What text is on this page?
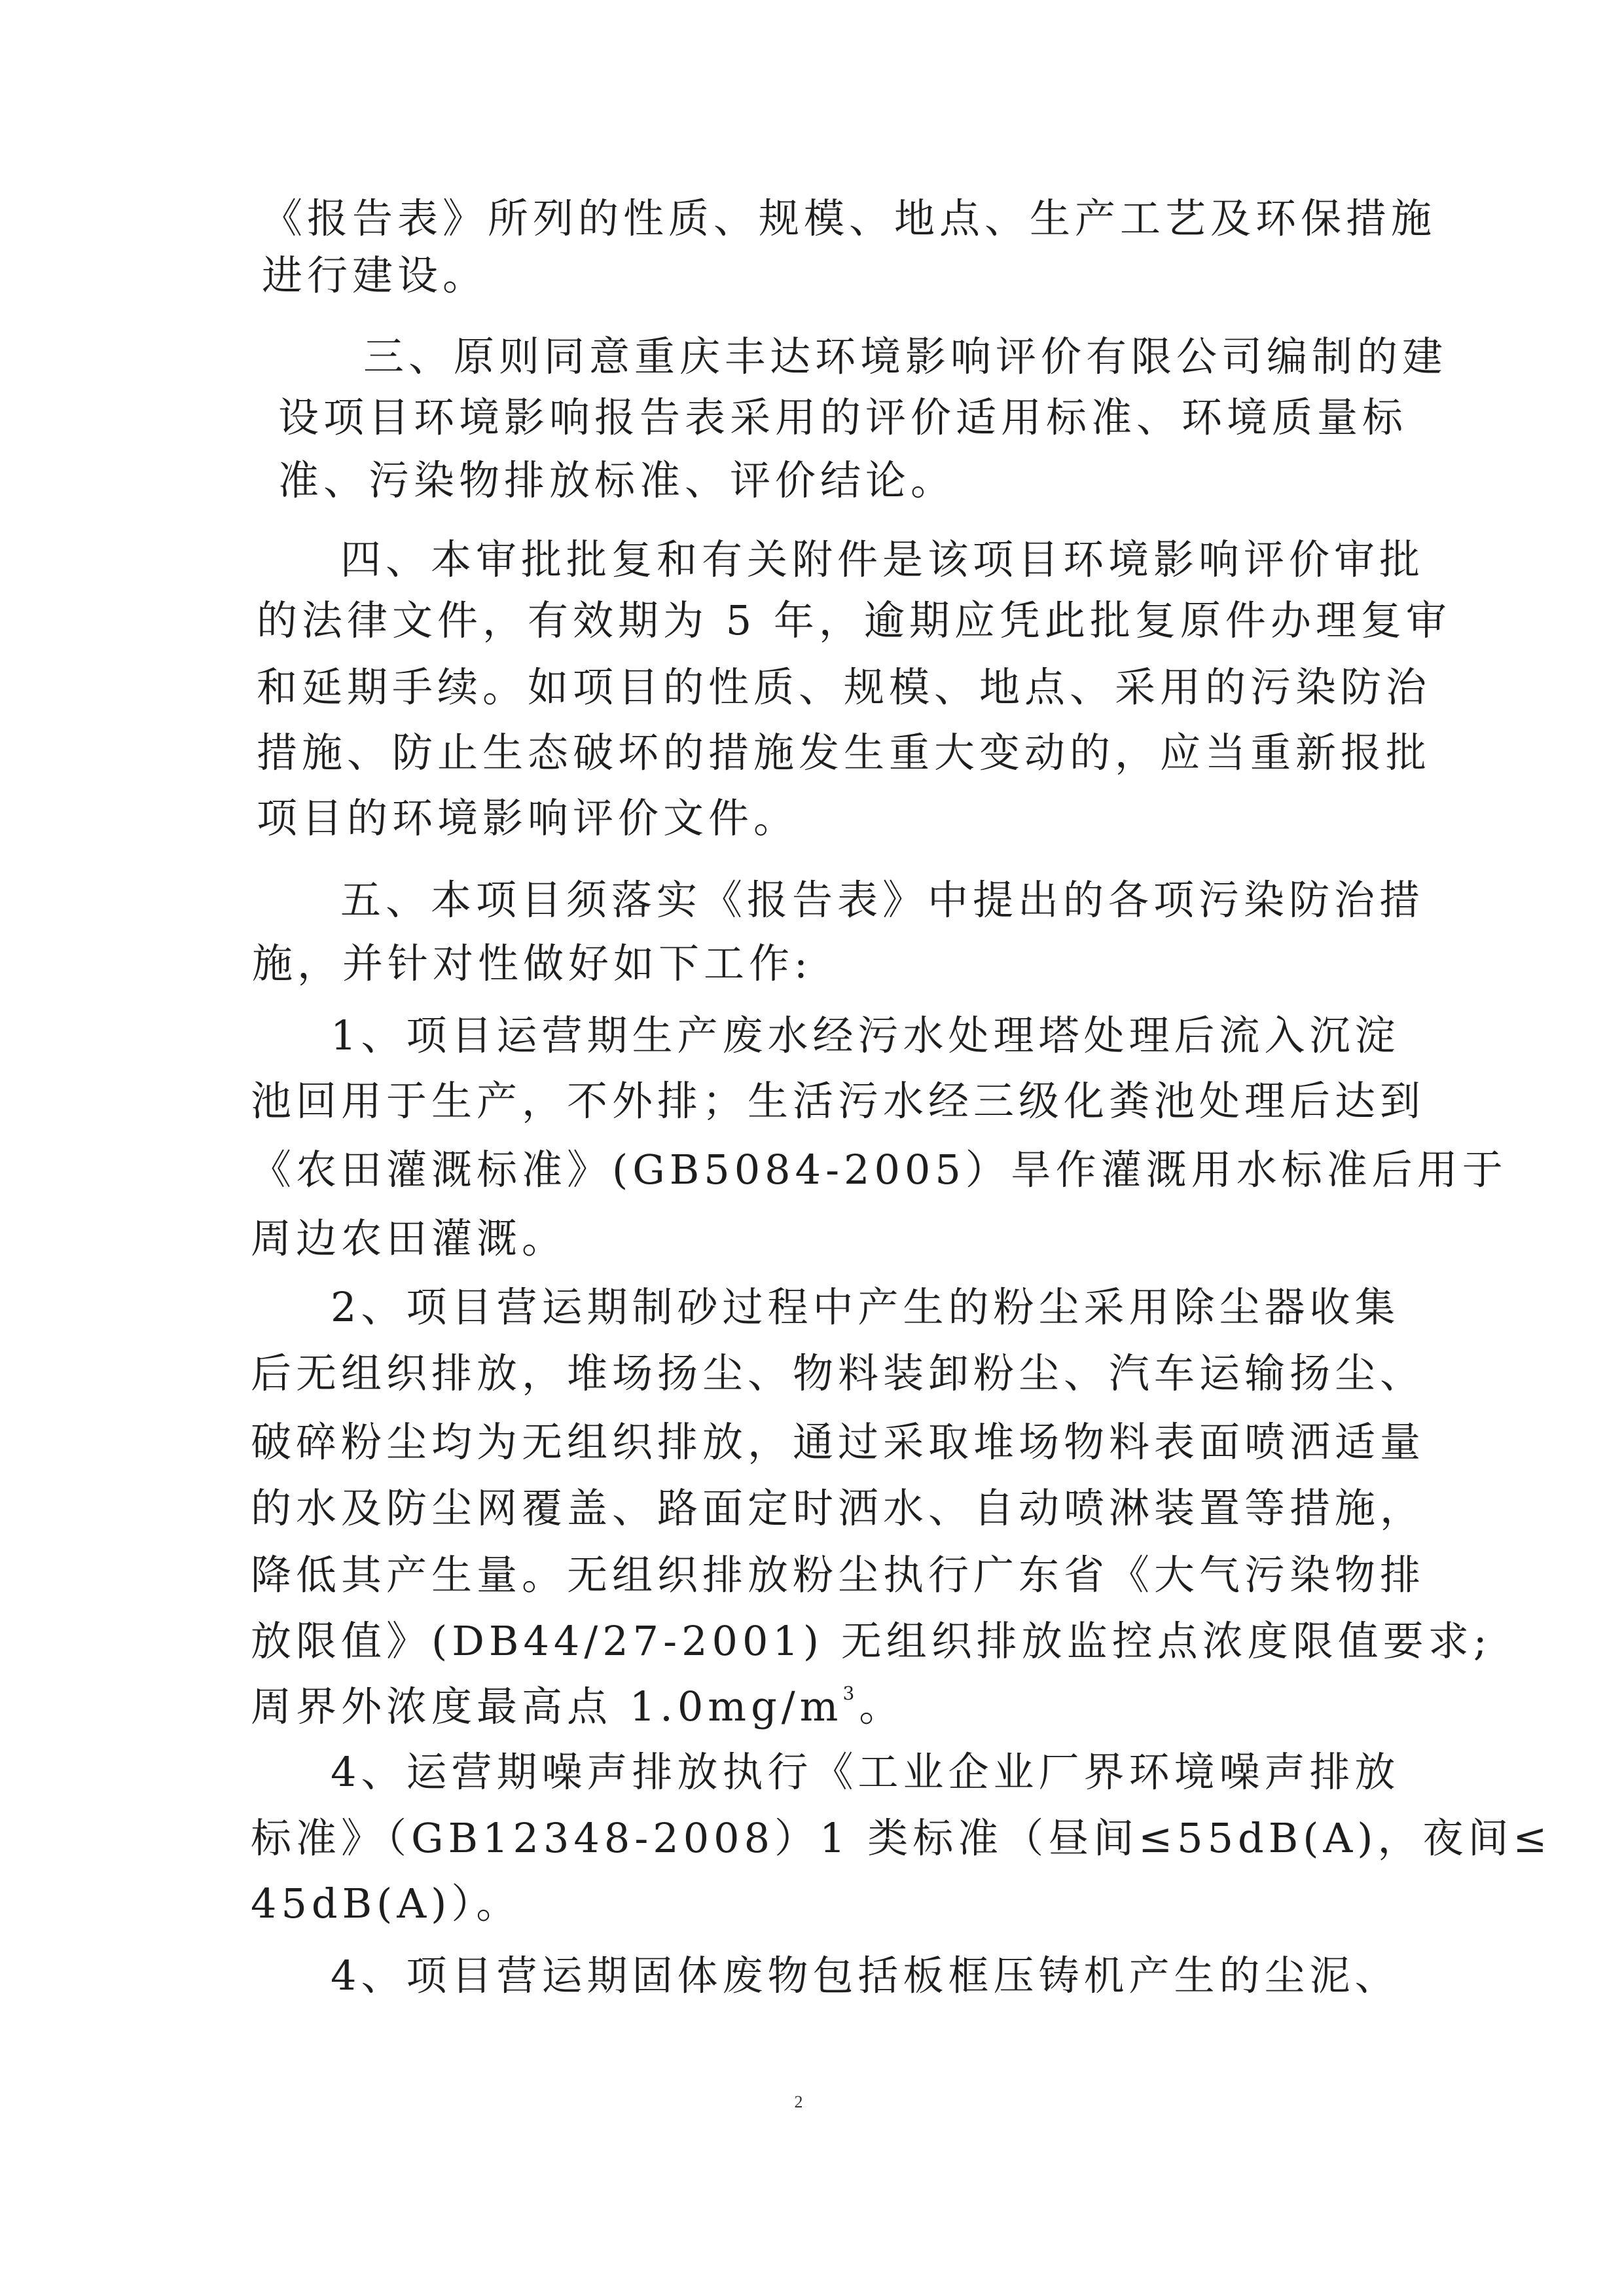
《报告表》所列的性质、规模、地点、生产工艺及环保措施
进行建设。
三、原则同意重庆丰达环境影响评价有限公司编制的建
设项目环境影响报告表采用的评价适用标准、环境质量标
准、污染物排放标准、评价结论。
四、本审批批复和有关附件是该项目环境影响评价审批
的法律文件，有效期为 5 年，逾期应凭此批复原件办理复审
和延期手续。如项目的性质、规模、地点、采用的污染防治
措施、防止生态破坏的措施发生重大变动的，应当重新报批
项目的环境影响评价文件。
五、本项目须落实《报告表》中提出的各项污染防治措
施，并针对性做好如下工作:
1、项目运营期生产废水经污水处理塔处理后流入沉淀
池回用于生产，不外排；生活污水经三级化粪池处理后达到
《农田灌溉标准》(GB5084-2005）旱作灌溉用水标准后用于
周边农田灌溉。
2、项目营运期制砂过程中产生的粉尘采用除尘器收集
后无组织排放，堆场扬尘、物料装卸粉尘、汽车运输扬尘、
破碎粉尘均为无组织排放，通过采取堆场物料表面喷洒适量
的水及防尘网覆盖、路面定时洒水、自动喷淋装置等措施，
降低其产生量。无组织排放粉尘执行广东省《大气污染物排
放限值》(DB44/27-2001) 无组织排放监控点浓度限值要求;
周界外浓度最高点 $1.0mg/m^3$。
4、运营期噪声排放执行《工业企业厂界环境噪声排放
标准》（GB12348-2008）1 类标准（昼间≤55dB(A)，夜间≤
45dB(A)）。
4、项目营运期固体废物包括板框压铸机产生的尘泥、
2
